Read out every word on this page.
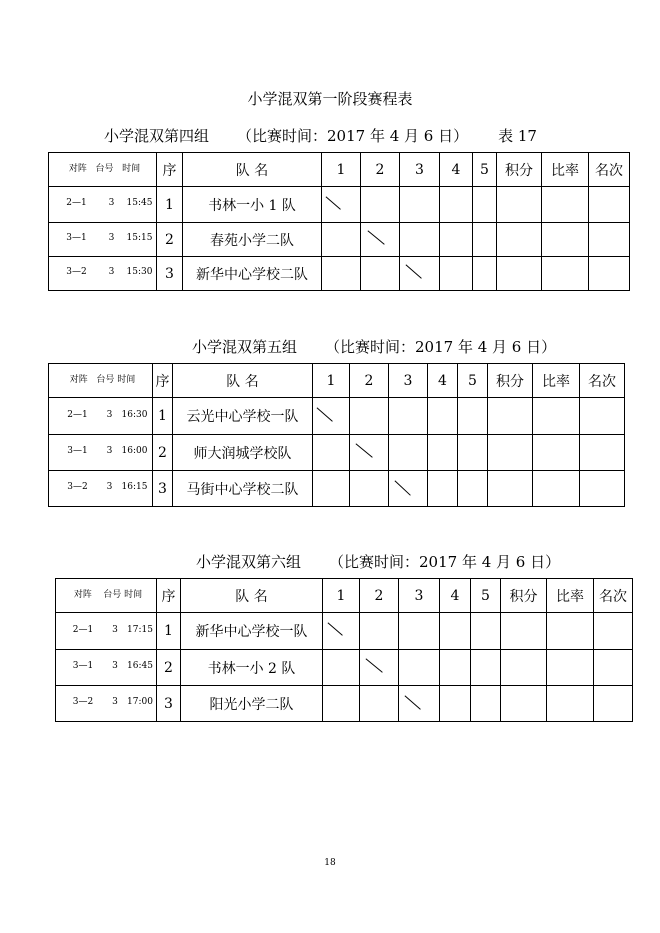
小学混双第一阶段赛程表
小学混双第四组 （比赛时间：2017 年 4 月 6 日） 表 17
小学混双第五组 （比赛时间：2017 年 4 月 6 日）
小学混双第六组 （比赛时间：2017 年 4 月 6 日）
对阵 台号 时间	序	队 名	1	2	3	4	5	积分	比率	名次

2—1 3 15:45	1	书林一小 1 队	

3—1 3 15:15	2	春苑小学二队		

3—2 3 15:30	3	新华中心学校二队			

对阵 台号 时间	序	队 名	1	2	3	4	5	积分	比率	名次

2—1 3 16:30	1	云光中心学校一队	

3—1 3 16:00	2	师大润城学校队		

3—2 3 16:15	3	马街中心学校二队			

对阵 台号 时间	序	队 名	1	2	3	4	5	积分	比率	名次

2—1 3 17:15	1	新华中心学校一队	

3—1 3 16:45	2	书林一小 2 队		

3—2 3 17:00	3	阳光小学二队			

18
